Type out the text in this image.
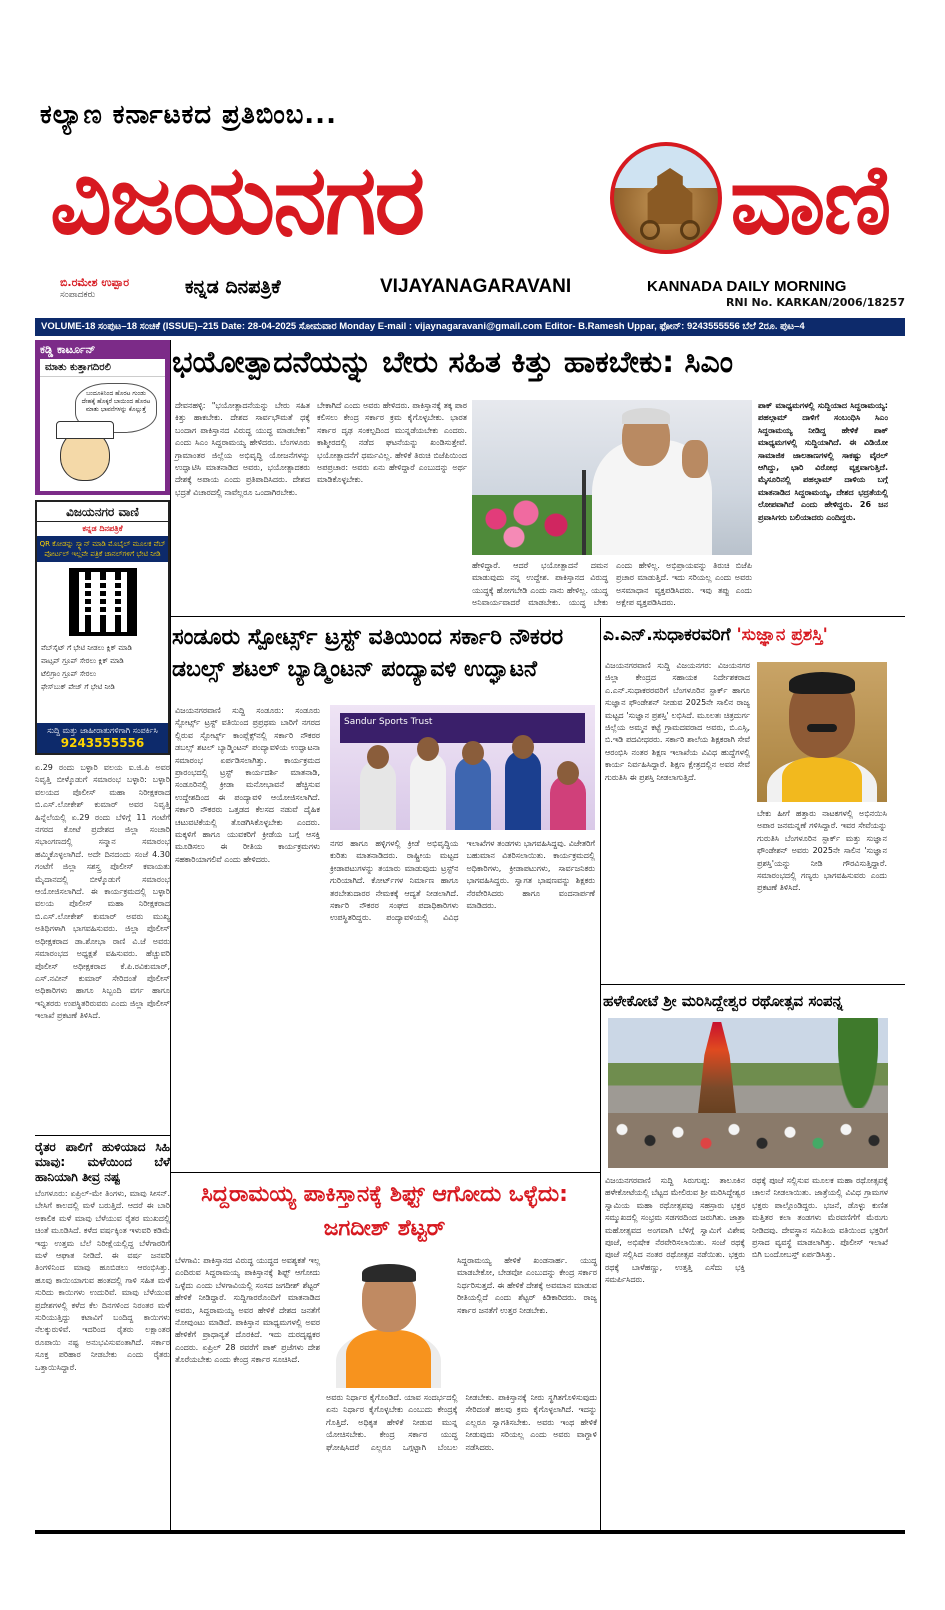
ಕಲ್ಯಾಣ ಕರ್ನಾಟಕದ ಪ್ರತಿಬಿಂಬ...
ವಿಜಯನಗರ	ವಾಣಿ
ಬಿ.ರಮೇಶ ಉಪ್ಪಾರ
ಸಂಪಾದಕರು	ಕನ್ನಡ ದಿನಪತ್ರಿಕೆ	VIJAYANAGARAVANI	KANNADA DAILY MORNING
RNI No. KARKAN/2006/18257
VOLUME-18 ಸಂಪುಟ–18 ಸಂಚಿಕೆ (ISSUE)–215 Date: 28-04-2025 ಸೋಮವಾರ Monday E-mail : vijaynagaravani@gmail.com Editor- B.Ramesh Uppar, ಫೋನ್: 9243555556 ಬೆಲೆ 2ರೂ. ಪುಟ–4
ಕಡ್ಡಿ ಕಾರ್ಟೂನ್
ಮಾತು ಕುತ್ತಾಗದಿರಲಿ
ಬಂದೂಕಿನಿಂದ ಹೊರಟ ಗುಂಡು ದೇಹಕ್ಕೆ ಹೊಕ್ಕರೆ ಬಾಯಿಂದ ಹೊರಟ ಮಾತು ಭಾವನೆಗಳನ್ನು ಕೊಲ್ಲುತ್ತೆ
ವಿಜಯನಗರ ವಾಣಿ
ಕನ್ನಡ ದಿನಪತ್ರಿಕೆ
QR ಕೋಡನ್ನು ಸ್ಕ್ಯಾನ್ ಮಾಡಿ ಮೊಬೈಲ್ ಮೂಲಕ ವೆಬ್ ಪೋರ್ಟಲ್ ಇಲ್ಲವೇ ಪತ್ರಿಕೆ ಚಾನಲ್‌ಗಳಿಗೆ ಭೇಟಿ ನೀಡಿ
ವೆಬ್‌ಸೈಟ್ ಗೆ ಭೇಟಿ ನೀಡಲು ಕ್ಲಿಕ್ ಮಾಡಿ
ವಾಟ್ಸಪ್ ಗ್ರೂಪ್ ಸೇರಲು ಕ್ಲಿಕ್ ಮಾಡಿ
ಟೆಲಿಗ್ರಾಂ ಗ್ರೂಪ್ ಸೇರಲು
ಫೇಸ್‌ಬುಕ್ ಪೇಜ್ ಗೆ ಭೇಟಿ ನೀಡಿ
ಸುದ್ದಿ ಮತ್ತು ಜಾಹೀರಾತುಗಳಿಗಾಗಿ ಸಂಪರ್ಕಿಸಿ
9243555556
ಏ.29 ರಂದು ಬಳ್ಳಾರಿ ವಲಯ ಐ.ಜಿ.ಪಿ ಅವರ ನಿವೃತ್ತಿ ಬೀಳ್ಕೊಡುಗೆ ಸಮಾರಂಭ ಬಳ್ಳಾರಿ: ಬಳ್ಳಾರಿ ವಲಯದ ಪೊಲೀಸ್ ಮಹಾ ನಿರೀಕ್ಷಕರಾದ ಬಿ.ಎಸ್.ಲೋಕೇಶ್ ಕುಮಾರ್ ಅವರ ನಿವೃತ್ತಿ ಹಿನ್ನೆಲೆಯಲ್ಲಿ ಏ.29 ರಂದು ಬೆಳಿಗ್ಗೆ 11 ಗಂಟೆಗೆ ನಗರದ ಕೋಟೆ ಪ್ರದೇಶದ ಜಿಲ್ಲಾ ಸಂಚಾರಿ ಸಭಾಂಗಣದಲ್ಲಿ ಸನ್ಮಾನ ಸಮಾರಂಭ ಹಮ್ಮಿಕೊಳ್ಳಲಾಗಿದೆ. ಅದೇ ದಿನದಂದು ಸಂಜೆ 4.30 ಗಂಟೆಗೆ ಜಿಲ್ಲಾ ಸಶಸ್ತ್ರ ಪೊಲೀಸ್ ಕವಾಯತು ಮೈದಾನದಲ್ಲಿ ಬೀಳ್ಕೊಡುಗೆ ಸಮಾರಂಭ ಆಯೋಜಿಸಲಾಗಿದೆ. ಈ ಕಾರ್ಯಕ್ರಮದಲ್ಲಿ ಬಳ್ಳಾರಿ ವಲಯ ಪೊಲೀಸ್ ಮಹಾ ನಿರೀಕ್ಷಕರಾದ ಬಿ.ಎಸ್.ಲೋಕೇಶ್ ಕುಮಾರ್ ಅವರು ಮುಖ್ಯ ಅತಿಥಿಗಳಾಗಿ ಭಾಗವಹಿಸುವರು. ಜಿಲ್ಲಾ ಪೊಲೀಸ್ ಅಧೀಕ್ಷಕರಾದ ಡಾ.ಶೋಭಾ ರಾಣಿ ವಿ.ಜೆ ಅವರು ಸಮಾರಂಭದ ಅಧ್ಯಕ್ಷತೆ ವಹಿಸುವರು. ಹೆಚ್ಚುವರಿ ಪೊಲೀಸ್ ಅಧೀಕ್ಷಕರಾದ ಕೆ.ಪಿ.ರವಿಕುಮಾರ್, ಎಸ್.ನವೀನ್ ಕುಮಾರ್ ಸೇರಿದಂತೆ ಪೊಲೀಸ್ ಅಧಿಕಾರಿಗಳು ಹಾಗೂ ಸಿಬ್ಬಂದಿ ವರ್ಗ ಹಾಗೂ ಇನ್ನಿತರರು ಉಪಸ್ಥಿತರಿರುವರು ಎಂದು ಜಿಲ್ಲಾ ಪೊಲೀಸ್ ಇಲಾಖೆ ಪ್ರಕಟಣೆ ತಿಳಿಸಿದೆ.
ರೈತರ ಪಾಲಿಗೆ ಹುಳಿಯಾದ ಸಿಹಿ ಮಾವು: ಮಳೆಯಿಂದ ಬೆಳೆ ಹಾನಿಯಾಗಿ ತೀವ್ರ ನಷ್ಟ
ಬೆಂಗಳೂರು: ಏಪ್ರಿಲ್-ಮೇ ತಿಂಗಳು, ಮಾವು ಸೀಸನ್. ಬೇಸಿಗೆ ಕಾಲದಲ್ಲಿ ಮಳೆ ಬರುತ್ತಿದೆ. ಆದರೆ ಈ ಬಾರಿ ಅಕಾಲಿಕ ಮಳೆ ಮಾವು ಬೆಳೆಯುವ ರೈತರ ಮುಖದಲ್ಲಿ ಚಿಂತೆ ಮೂಡಿಸಿದೆ. ಕಳೆದ ವರ್ಷಕ್ಕಿಂತ ಇಳುವರಿ ಕಡಿಮೆ ಇದ್ದು ಉತ್ತಮ ಬೆಲೆ ನಿರೀಕ್ಷೆಯಲ್ಲಿದ್ದ ಬೆಳೆಗಾರರಿಗೆ ಮಳೆ ಆಘಾತ ನೀಡಿದೆ. ಈ ವರ್ಷ ಜನವರಿ ತಿಂಗಳಿನಿಂದ ಮಾವು ಹೂಬಿಡಲು ಆರಂಭಿಸಿತ್ತು. ಹೂವು ಕಾಯಿಯಾಗುವ ಹಂತದಲ್ಲಿ ಗಾಳಿ ಸಹಿತ ಮಳೆ ಸುರಿದು ಕಾಯಿಗಳು ಉದುರಿವೆ. ಮಾವು ಬೆಳೆಯುವ ಪ್ರದೇಶಗಳಲ್ಲಿ ಕಳೆದ ಕೆಲ ದಿನಗಳಿಂದ ನಿರಂತರ ಮಳೆ ಸುರಿಯುತ್ತಿದ್ದು ಕಟಾವಿಗೆ ಬಂದಿದ್ದ ಕಾಯಿಗಳು ನೆಲಕ್ಕುರುಳಿವೆ. ಇದರಿಂದ ರೈತರು ಲಕ್ಷಾಂತರ ರೂಪಾಯಿ ನಷ್ಟ ಅನುಭವಿಸುವಂತಾಗಿದೆ. ಸರ್ಕಾರ ಸೂಕ್ತ ಪರಿಹಾರ ನೀಡಬೇಕು ಎಂದು ರೈತರು ಒತ್ತಾಯಿಸಿದ್ದಾರೆ.
ಭಯೋತ್ಪಾದನೆಯನ್ನು ಬೇರು ಸಹಿತ ಕಿತ್ತು ಹಾಕಬೇಕು: ಸಿಎಂ
ದೇವನಹಳ್ಳಿ: "ಭಯೋತ್ಪಾದನೆಯನ್ನು ಬೇರು ಸಹಿತ ಕಿತ್ತು ಹಾಕಬೇಕು. ದೇಶದ ಸಾರ್ವಭೌಮತೆ ಧಕ್ಕೆ ಬಂದಾಗ ಪಾಕಿಸ್ತಾನದ ವಿರುದ್ಧ ಯುದ್ಧ ಮಾಡಬೇಕು" ಎಂದು ಸಿಎಂ ಸಿದ್ದರಾಮಯ್ಯ ಹೇಳಿದರು. ಬೆಂಗಳೂರು ಗ್ರಾಮಾಂತರ ಜಿಲ್ಲೆಯ ಅಭಿವೃದ್ಧಿ ಯೋಜನೆಗಳನ್ನು ಉದ್ಘಾಟಿಸಿ ಮಾತನಾಡಿದ ಅವರು, ಭಯೋತ್ಪಾದಕರು ದೇಶಕ್ಕೆ ಅಪಾಯ ಎಂದು ಪ್ರತಿಪಾದಿಸಿದರು. ದೇಶದ ಭದ್ರತೆ ವಿಚಾರದಲ್ಲಿ ನಾವೆಲ್ಲರೂ ಒಂದಾಗಿರಬೇಕು.
ಬೇಕಾಗಿದೆ ಎಂದು ಅವರು ಹೇಳಿದರು. ಪಾಕಿಸ್ತಾನಕ್ಕೆ ತಕ್ಕ ಪಾಠ ಕಲಿಸಲು ಕೇಂದ್ರ ಸರ್ಕಾರ ಕ್ರಮ ಕೈಗೊಳ್ಳಬೇಕು. ಭಾರತ ಸರ್ಕಾರ ದೃಢ ಸಂಕಲ್ಪದಿಂದ ಮುನ್ನಡೆಯಬೇಕು ಎಂದರು. ಕಾಶ್ಮೀರದಲ್ಲಿ ನಡೆದ ಘಟನೆಯನ್ನು ಖಂಡಿಸುತ್ತೇವೆ. ಭಯೋತ್ಪಾದನೆಗೆ ಧರ್ಮವಿಲ್ಲ. ಹೇಳಿಕೆ ತಿರುಚಿ ಬಿಜೆಪಿಯಿಂದ ಅಪಪ್ರಚಾರ: ಅವರು ಏನು ಹೇಳಿದ್ದಾರೆ ಎಂಬುದನ್ನು ಅರ್ಥ ಮಾಡಿಕೊಳ್ಳಬೇಕು.
ಹೇಳಿದ್ದಾರೆ. ಆದರೆ ಭಯೋತ್ಪಾದನೆ ದಮನ ಮಾಡುವುದು ನನ್ನ ಉದ್ದೇಶ. ಪಾಕಿಸ್ತಾನದ ವಿರುದ್ಧ ಯುದ್ಧಕ್ಕೆ ಹೋಗಬೇಡಿ ಎಂದು ನಾನು ಹೇಳಿಲ್ಲ. ಯುದ್ಧ ಅನಿವಾರ್ಯವಾದರೆ ಮಾಡಬೇಕು. ಯುದ್ಧ ಬೇಕು ಎಂದು ಹೇಳಿಲ್ಲ. ಅಭಿಪ್ರಾಯವನ್ನು ತಿರುಚಿ ಬಿಜೆಪಿ ಪ್ರಚಾರ ಮಾಡುತ್ತಿದೆ. ಇದು ಸರಿಯಲ್ಲ ಎಂದು ಅವರು ಅಸಮಾಧಾನ ವ್ಯಕ್ತಪಡಿಸಿದರು. ಇವು ತಪ್ಪು ಎಂದು ಅಕ್ಷೇಪ ವ್ಯಕ್ತಪಡಿಸಿದರು.
ಪಾಕ್ ಮಾಧ್ಯಮಗಳಲ್ಲಿ ಸುದ್ದಿಯಾದ ಸಿದ್ದರಾಮಯ್ಯ: ಪಹಲ್ಗಾಮ್ ದಾಳಿಗೆ ಸಂಬಂಧಿಸಿ ಸಿಎಂ ಸಿದ್ದರಾಮಯ್ಯ ನೀಡಿದ್ದ ಹೇಳಿಕೆ ಪಾಕ್ ಮಾಧ್ಯಮಗಳಲ್ಲಿ ಸುದ್ದಿಯಾಗಿದೆ. ಈ ವಿಡಿಯೋ ಸಾಮಾಜಿಕ ಜಾಲತಾಣಗಳಲ್ಲಿ ಸಾಕಷ್ಟು ವೈರಲ್ ಆಗಿದ್ದು, ಭಾರಿ ವಿರೋಧ ವ್ಯಕ್ತವಾಗುತ್ತಿದೆ. ಮೈಸೂರಿನಲ್ಲಿ ಪಹಲ್ಗಾಮ್ ದಾಳಿಯ ಬಗ್ಗೆ ಮಾತನಾಡಿದ ಸಿದ್ದರಾಮಯ್ಯ, ದೇಶದ ಭದ್ರತೆಯಲ್ಲಿ ಲೋಪವಾಗಿದೆ ಎಂದು ಹೇಳಿದ್ದರು. 26 ಜನ ಪ್ರವಾಸಿಗರು ಬಲಿಯಾದರು ಎಂದಿದ್ದರು.
ಸಂಡೂರು ಸ್ಪೋರ್ಟ್ಸ್ ಟ್ರಸ್ಟ್ ವತಿಯಿಂದ ಸರ್ಕಾರಿ ನೌಕರರ ಡಬಲ್ಸ್ ಶಟಲ್ ಬ್ಯಾಡ್ಮಿಂಟನ್ ಪಂದ್ಯಾವಳಿ ಉದ್ಘಾಟನೆ
ವಿಜಯನಗರವಾಣಿ ಸುದ್ದಿ ಸಂಡೂರು: ಸಂಡೂರು ಸ್ಪೋರ್ಟ್ಸ್ ಟ್ರಸ್ಟ್ ವತಿಯಿಂದ ಪ್ರಪ್ರಥಮ ಬಾರಿಗೆ ನಗರದ ಲ್ಲಿರುವ ಸ್ಪೋರ್ಟ್ಸ್ ಕಾಂಪ್ಲೆಕ್ಸ್‌ನಲ್ಲಿ ಸರ್ಕಾರಿ ನೌಕರರ ಡಬಲ್ಸ್ ಶಟಲ್ ಬ್ಯಾಡ್ಮಿಂಟನ್ ಪಂದ್ಯಾವಳಿಯ ಉದ್ಘಾಟನಾ ಸಮಾರಂಭ ಏರ್ಪಡಿಸಲಾಗಿತ್ತು. ಕಾರ್ಯಕ್ರಮದ ಪ್ರಾರಂಭದಲ್ಲಿ ಟ್ರಸ್ಟ್ ಕಾರ್ಯದರ್ಶಿ ಮಾತನಾಡಿ, ಸಂಡೂರಿನಲ್ಲಿ ಕ್ರೀಡಾ ಮನೋಭಾವನೆ ಹೆಚ್ಚಿಸುವ ಉದ್ದೇಶದಿಂದ ಈ ಪಂದ್ಯಾವಳಿ ಆಯೋಜಿಸಲಾಗಿದೆ. ಸರ್ಕಾರಿ ನೌಕರರು ಒತ್ತಡದ ಕೆಲಸದ ನಡುವೆ ದೈಹಿಕ ಚಟುವಟಿಕೆಯಲ್ಲಿ ತೊಡಗಿಸಿಕೊಳ್ಳಬೇಕು ಎಂದರು. ಮಕ್ಕಳಿಗೆ ಹಾಗೂ ಯುವಕರಿಗೆ ಕ್ರೀಡೆಯ ಬಗ್ಗೆ ಆಸಕ್ತಿ ಮೂಡಿಸಲು ಈ ರೀತಿಯ ಕಾರ್ಯಕ್ರಮಗಳು ಸಹಕಾರಿಯಾಗಲಿವೆ ಎಂದು ಹೇಳಿದರು.
Sandur Sports Trust
ನಗರ ಹಾಗೂ ಹಳ್ಳಿಗಳಲ್ಲಿ ಕ್ರೀಡೆ ಅಭಿವೃದ್ಧಿಯ ಕುರಿತು ಮಾತನಾಡಿದರು. ರಾಷ್ಟ್ರೀಯ ಮಟ್ಟದ ಕ್ರೀಡಾಪಟುಗಳನ್ನು ತಯಾರು ಮಾಡುವುದು ಟ್ರಸ್ಟ್‌ನ ಗುರಿಯಾಗಿದೆ. ಕೋರ್ಟ್‌ಗಳ ನಿರ್ಮಾಣ ಹಾಗೂ ತರಬೇತುದಾರರ ನೇಮಕಕ್ಕೆ ಆದ್ಯತೆ ನೀಡಲಾಗಿದೆ. ಸರ್ಕಾರಿ ನೌಕರರ ಸಂಘದ ಪದಾಧಿಕಾರಿಗಳು ಉಪಸ್ಥಿತರಿದ್ದರು. ಪಂದ್ಯಾವಳಿಯಲ್ಲಿ ವಿವಿಧ ಇಲಾಖೆಗಳ ತಂಡಗಳು ಭಾಗವಹಿಸಿದ್ದವು. ವಿಜೇತರಿಗೆ ಬಹುಮಾನ ವಿತರಿಸಲಾಯಿತು. ಕಾರ್ಯಕ್ರಮದಲ್ಲಿ ಅಧಿಕಾರಿಗಳು, ಕ್ರೀಡಾಪಟುಗಳು, ಸಾರ್ವಜನಿಕರು ಭಾಗವಹಿಸಿದ್ದರು. ಸ್ವಾಗತ ಭಾಷಣವನ್ನು ಶಿಕ್ಷಕರು ನೆರವೇರಿಸಿದರು ಹಾಗೂ ವಂದನಾರ್ಪಣೆ ಮಾಡಿದರು.
ಎ.ಎನ್.ಸುಧಾಕರವರಿಗೆ 'ಸುಜ್ಞಾನ ಪ್ರಶಸ್ತಿ'
ವಿಜಯನಗರವಾಣಿ ಸುದ್ದಿ ವಿಜಯನಗರ: ವಿಜಯನಗರ ಜಿಲ್ಲಾ ಕೇಂದ್ರದ ಸಹಾಯಕ ನಿರ್ದೇಶಕರಾದ ಎ.ಎನ್.ಸುಧಾಕರರವರಿಗೆ ಬೆಂಗಳೂರಿನ ಸ್ಪಾರ್ಕ್ ಹಾಗೂ ಸುಜ್ಞಾನ ಫೌಂಡೇಶನ್ ನೀಡುವ 2025ನೇ ಸಾಲಿನ ರಾಜ್ಯ ಮಟ್ಟದ 'ಸುಜ್ಞಾನ ಪ್ರಶಸ್ತಿ' ಲಭಿಸಿದೆ. ಮೂಲತಃ ಚಿತ್ರದುರ್ಗ ಜಿಲ್ಲೆಯ ಅಮ್ಮನ ಕಟ್ಟೆ ಗ್ರಾಮದವರಾದ ಅವರು, ಬಿ.ಎಸ್ಸಿ, ಬಿ.ಇಡಿ ಪದವೀಧರರು. ಸರ್ಕಾರಿ ಶಾಲೆಯ ಶಿಕ್ಷಕರಾಗಿ ಸೇವೆ ಆರಂಭಿಸಿ ನಂತರ ಶಿಕ್ಷಣ ಇಲಾಖೆಯ ವಿವಿಧ ಹುದ್ದೆಗಳಲ್ಲಿ ಕಾರ್ಯ ನಿರ್ವಹಿಸಿದ್ದಾರೆ. ಶಿಕ್ಷಣ ಕ್ಷೇತ್ರದಲ್ಲಿನ ಅವರ ಸೇವೆ ಗುರುತಿಸಿ ಈ ಪ್ರಶಸ್ತಿ ನೀಡಲಾಗುತ್ತಿದೆ.
ಬೇಕು ಹೀಗೆ ಹತ್ತಾರು ನಾಟಕಗಳಲ್ಲಿ ಅಭಿನಯಿಸಿ ಅಪಾರ ಜನಮನ್ನಣೆ ಗಳಿಸಿದ್ದಾರೆ. ಇವರ ಸೇವೆಯನ್ನು ಗುರುತಿಸಿ ಬೆಂಗಳೂರಿನ ಸ್ಪಾರ್ಕ್ ಮತ್ತು ಸುಜ್ಞಾನ ಫೌಂಡೇಶನ್ ಅವರು 2025ನೇ ಸಾಲಿನ 'ಸುಜ್ಞಾನ ಪ್ರಶಸ್ತಿ'ಯನ್ನು ನೀಡಿ ಗೌರವಿಸುತ್ತಿದ್ದಾರೆ. ಸಮಾರಂಭದಲ್ಲಿ ಗಣ್ಯರು ಭಾಗವಹಿಸುವರು ಎಂದು ಪ್ರಕಟಣೆ ತಿಳಿಸಿದೆ.
ಹಳೇಕೋಟೆ ಶ್ರೀ ಮರಿಸಿದ್ದೇಶ್ವರ ರಥೋತ್ಸವ ಸಂಪನ್ನ
ವಿಜಯನಗರವಾಣಿ ಸುದ್ದಿ ಸಿರುಗುಪ್ಪ: ತಾಲೂಕಿನ ಹಳೇಕೋಟೆಯಲ್ಲಿ ಬೆಟ್ಟದ ಮೇಲಿರುವ ಶ್ರೀ ಮರಿಸಿದ್ದೇಶ್ವರ ಸ್ವಾಮಿಯ ಮಹಾ ರಥೋತ್ಸವವು ಸಹಸ್ರಾರು ಭಕ್ತರ ಸಮ್ಮುಖದಲ್ಲಿ ಸಂಭ್ರಮ ಸಡಗರದಿಂದ ಜರುಗಿತು. ಜಾತ್ರಾ ಮಹೋತ್ಸವದ ಅಂಗವಾಗಿ ಬೆಳಿಗ್ಗೆ ಸ್ವಾಮಿಗೆ ವಿಶೇಷ ಪೂಜೆ, ಅಭಿಷೇಕ ನೆರವೇರಿಸಲಾಯಿತು. ಸಂಜೆ ರಥಕ್ಕೆ ಪೂಜೆ ಸಲ್ಲಿಸಿದ ನಂತರ ರಥೋತ್ಸವ ನಡೆಯಿತು. ಭಕ್ತರು ರಥಕ್ಕೆ ಬಾಳೆಹಣ್ಣು, ಉತ್ತತ್ತಿ ಎಸೆದು ಭಕ್ತಿ ಸಮರ್ಪಿಸಿದರು.
ರಥಕ್ಕೆ ಪೂಜೆ ಸಲ್ಲಿಸುವ ಮೂಲಕ ಮಹಾ ರಥೋತ್ಸವಕ್ಕೆ ಚಾಲನೆ ನೀಡಲಾಯಿತು. ಜಾತ್ರೆಯಲ್ಲಿ ವಿವಿಧ ಗ್ರಾಮಗಳ ಭಕ್ತರು ಪಾಲ್ಗೊಂಡಿದ್ದರು. ಭಜನೆ, ಡೊಳ್ಳು ಕುಣಿತ ಮತ್ತಿತರ ಕಲಾ ತಂಡಗಳು ಮೆರವಣಿಗೆಗೆ ಮೆರುಗು ನೀಡಿದವು. ದೇವಸ್ಥಾನ ಸಮಿತಿಯ ವತಿಯಿಂದ ಭಕ್ತರಿಗೆ ಪ್ರಸಾದ ವ್ಯವಸ್ಥೆ ಮಾಡಲಾಗಿತ್ತು. ಪೊಲೀಸ್ ಇಲಾಖೆ ಬಿಗಿ ಬಂದೋಬಸ್ತ್ ಏರ್ಪಡಿಸಿತ್ತು.
ಸಿದ್ದರಾಮಯ್ಯ ಪಾಕಿಸ್ತಾನಕ್ಕೆ ಶಿಫ್ಟ್ ಆಗೋದು ಒಳ್ಳೆದು: ಜಗದೀಶ್ ಶೆಟ್ಟರ್
ಬೆಳಗಾವಿ: ಪಾಕಿಸ್ತಾನದ ವಿರುದ್ಧ ಯುದ್ಧದ ಅವಶ್ಯಕತೆ ಇಲ್ಲ ಎಂದಿರುವ ಸಿದ್ದರಾಮಯ್ಯ ಪಾಕಿಸ್ತಾನಕ್ಕೆ ಶಿಫ್ಟ್ ಆಗೋದು ಒಳ್ಳೆದು ಎಂದು ಬೆಳಗಾವಿಯಲ್ಲಿ ಸಂಸದ ಜಗದೀಶ್ ಶೆಟ್ಟರ್ ಹೇಳಿಕೆ ನೀಡಿದ್ದಾರೆ. ಸುದ್ದಿಗಾರರೊಂದಿಗೆ ಮಾತನಾಡಿದ ಅವರು, ಸಿದ್ದರಾಮಯ್ಯ ಅವರ ಹೇಳಿಕೆ ದೇಶದ ಜನತೆಗೆ ನೋವುಂಟು ಮಾಡಿದೆ. ಪಾಕಿಸ್ತಾನ ಮಾಧ್ಯಮಗಳಲ್ಲಿ ಅವರ ಹೇಳಿಕೆಗೆ ಪ್ರಾಧಾನ್ಯತೆ ದೊರಕಿದೆ. ಇದು ದುರದೃಷ್ಟಕರ ಎಂದರು. ಏಪ್ರಿಲ್ 28 ರವರೆಗೆ ಪಾಕ್ ಪ್ರಜೆಗಳು ದೇಶ ತೊರೆಯಬೇಕು ಎಂದು ಕೇಂದ್ರ ಸರ್ಕಾರ ಸೂಚಿಸಿದೆ.
ಸಿದ್ದರಾಮಯ್ಯ ಹೇಳಿಕೆ ಖಂಡನಾರ್ಹ. ಯುದ್ಧ ಮಾಡಬೇಕೋ, ಬೇಡವೋ ಎಂಬುದನ್ನು ಕೇಂದ್ರ ಸರ್ಕಾರ ನಿರ್ಧರಿಸುತ್ತದೆ. ಈ ಹೇಳಿಕೆ ದೇಶಕ್ಕೆ ಅವಮಾನ ಮಾಡುವ ರೀತಿಯಲ್ಲಿದೆ ಎಂದು ಶೆಟ್ಟರ್ ಕಿಡಿಕಾರಿದರು. ರಾಜ್ಯ ಸರ್ಕಾರ ಜನತೆಗೆ ಉತ್ತರ ನೀಡಬೇಕು.
ಅವರು ನಿರ್ಧಾರ ಕೈಗೊಂಡಿದೆ. ಯಾವ ಸಂದರ್ಭದಲ್ಲಿ ಏನು ನಿರ್ಧಾರ ಕೈಗೊಳ್ಳಬೇಕು ಎಂಬುದು ಕೇಂದ್ರಕ್ಕೆ ಗೊತ್ತಿದೆ. ಅಧಿಕೃತ ಹೇಳಿಕೆ ನೀಡುವ ಮುನ್ನ ಯೋಚಿಸಬೇಕು. ಕೇಂದ್ರ ಸರ್ಕಾರ ಯುದ್ಧ ಘೋಷಿಸಿದರೆ ಎಲ್ಲರೂ ಒಗ್ಗಟ್ಟಾಗಿ ಬೆಂಬಲ ನೀಡಬೇಕು. ಪಾಕಿಸ್ತಾನಕ್ಕೆ ನೀರು ಸ್ಥಗಿತಗೊಳಿಸುವುದು ಸೇರಿದಂತೆ ಹಲವು ಕ್ರಮ ಕೈಗೊಳ್ಳಲಾಗಿದೆ. ಇದನ್ನು ಎಲ್ಲರೂ ಸ್ವಾಗತಿಸಬೇಕು. ಅವರು ಇಂಥ ಹೇಳಿಕೆ ನೀಡುವುದು ಸರಿಯಲ್ಲ ಎಂದು ಅವರು ವಾಗ್ದಾಳಿ ನಡೆಸಿದರು.
